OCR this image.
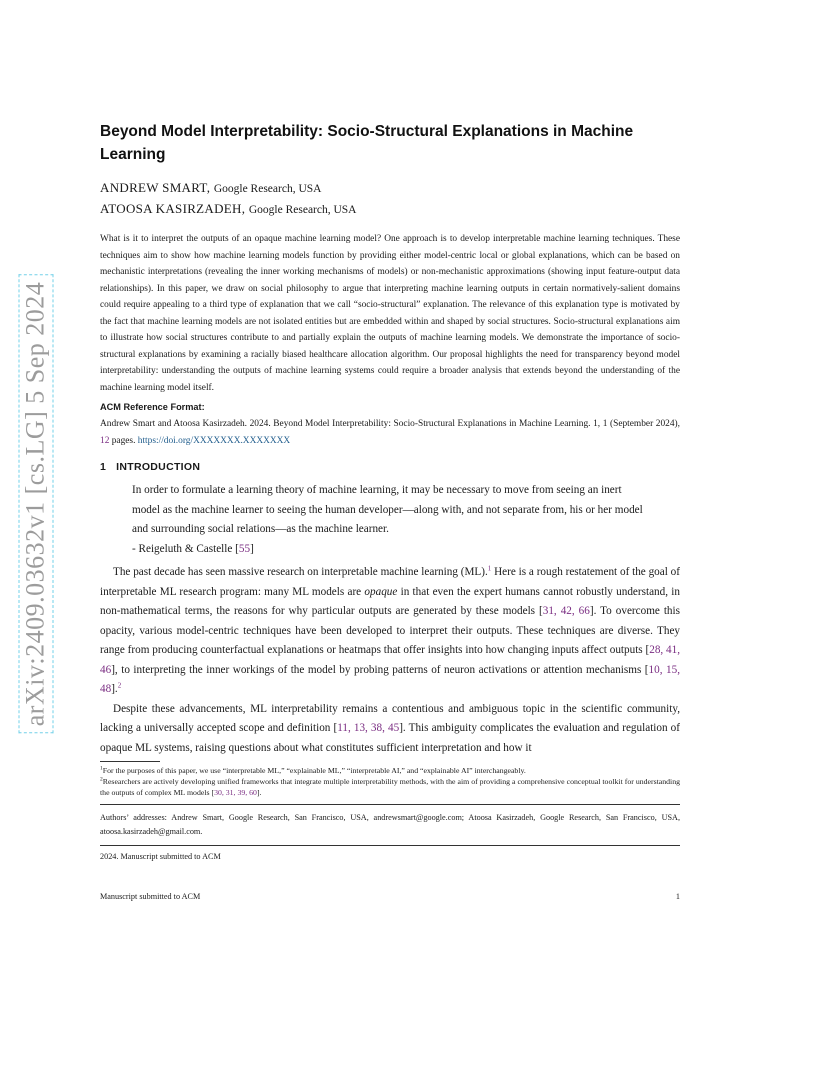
arXiv:2409.03632v1 [cs.LG] 5 Sep 2024
Beyond Model Interpretability: Socio-Structural Explanations in Machine Learning

ANDREW SMART, Google Research, USA

ATOOSA KASIRZADEH, Google Research, USA

What is it to interpret the outputs of an opaque machine learning model? One approach is to develop interpretable machine learning techniques. These techniques aim to show how machine learning models function by providing either model-centric local or global explanations, which can be based on mechanistic interpretations (revealing the inner working mechanisms of models) or non-mechanistic approximations (showing input feature-output data relationships). In this paper, we draw on social philosophy to argue that interpreting machine learning outputs in certain normatively-salient domains could require appealing to a third type of explanation that we call “socio-structural” explanation. The relevance of this explanation type is motivated by the fact that machine learning models are not isolated entities but are embedded within and shaped by social structures. Socio-structural explanations aim to illustrate how social structures contribute to and partially explain the outputs of machine learning models. We demonstrate the importance of socio-structural explanations by examining a racially biased healthcare allocation algorithm. Our proposal highlights the need for transparency beyond model interpretability: understanding the outputs of machine learning systems could require a broader analysis that extends beyond the understanding of the machine learning model itself.

ACM Reference Format:

Andrew Smart and Atoosa Kasirzadeh. 2024. Beyond Model Interpretability: Socio-Structural Explanations in Machine Learning. 1, 1 (September 2024), 12 pages. https://doi.org/XXXXXXX.XXXXXXX

1 INTRODUCTION

In order to formulate a learning theory of machine learning, it may be necessary to move from seeing an inert model as the machine learner to seeing the human developer—along with, and not separate from, his or her model and surrounding social relations—as the machine learner.

- Reigeluth & Castelle [55]

The past decade has seen massive research on interpretable machine learning (ML).$^1$ Here is a rough restatement of the goal of interpretable ML research program: many ML models are opaque in that even the expert humans cannot robustly understand, in non-mathematical terms, the reasons for why particular outputs are generated by these models [31, 42, 66]. To overcome this opacity, various model-centric techniques have been developed to interpret their outputs. These techniques are diverse. They range from producing counterfactual explanations or heatmaps that offer insights into how changing inputs affect outputs [28, 41, 46], to interpreting the inner workings of the model by probing patterns of neuron activations or attention mechanisms [10, 15, 48].$^2$

Despite these advancements, ML interpretability remains a contentious and ambiguous topic in the scientific community, lacking a universally accepted scope and definition [11, 13, 38, 45]. This ambiguity complicates the evaluation and regulation of opaque ML systems, raising questions about what constitutes sufficient interpretation and how it

$^1$For the purposes of this paper, we use “interpretable ML,” “explainable ML,” “interpretable AI,” and “explainable AI” interchangeably.

$^2$Researchers are actively developing unified frameworks that integrate multiple interpretability methods, with the aim of providing a comprehensive conceptual toolkit for understanding the outputs of complex ML models [30, 31, 39, 60].

Authors’ addresses: Andrew Smart, Google Research, San Francisco, USA, andrewsmart@google.com; Atoosa Kasirzadeh, Google Research, San Francisco, USA, atoosa.kasirzadeh@gmail.com.

2024. Manuscript submitted to ACM

Manuscript submitted to ACM	1
